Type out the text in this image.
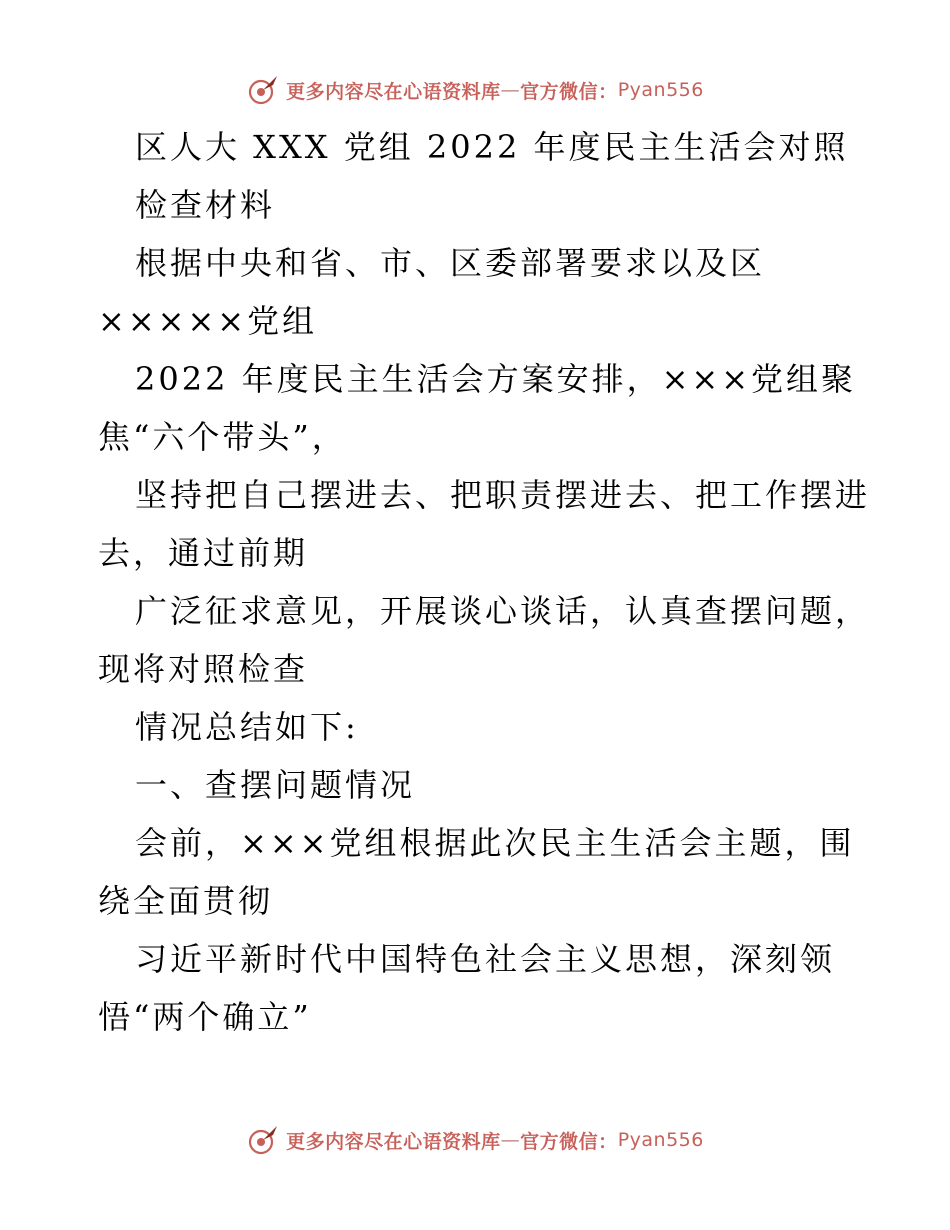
更多内容尽在心语资料库 — 官方微信： Pyan556
区人大 XXX 党组 2022 年度民主生活会对照
检查材料
根据中央和省、市、区委部署要求以及区
×××××党组
2022 年度民主生活会方案安排，×××党组聚
焦“六个带头”，
坚持把自己摆进去、把职责摆进去、把工作摆进
去，通过前期
广泛征求意见，开展谈心谈话，认真查摆问题，
现将对照检查
情况总结如下:
一、查摆问题情况
会前，×××党组根据此次民主生活会主题，围
绕全面贯彻
习近平新时代中国特色社会主义思想，深刻领
悟“两个确立”
更多内容尽在心语资料库 — 官方微信： Pyan556
